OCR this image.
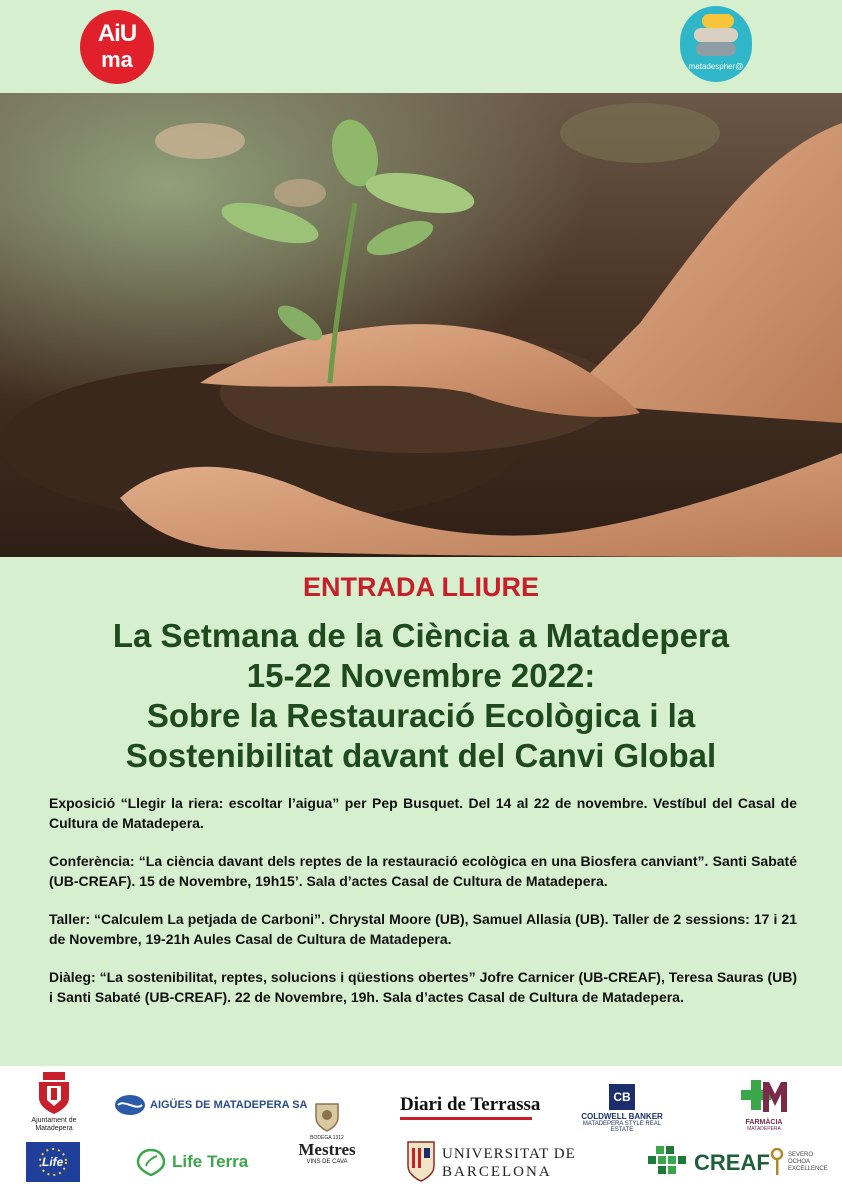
AiU
ma	matadespher@
ENTRADA LLIURE
La Setmana de la Ciència a Matadepera
15-22 Novembre 2022:
Sobre la Restauració Ecològica i la
Sostenibilitat davant del Canvi Global

Exposició “Llegir la riera: escoltar l’aigua” per Pep Busquet. Del 14 al 22 de novembre. Vestíbul del Casal de Cultura de Matadepera.

Conferència: “La ciència davant dels reptes de la restauració ecològica en una Biosfera canviant”. Santi Sabaté (UB-CREAF). 15 de Novembre, 19h15’. Sala d’actes Casal de Cultura de Matadepera.

Taller: “Calculem La petjada de Carboni”. Chrystal Moore (UB), Samuel Allasia (UB). Taller de 2 sessions: 17 i 21 de Novembre, 19-21h Aules Casal de Cultura de Matadepera.

Diàleg: “La sostenibilitat, reptes, solucions i qüestions obertes” Jofre Carnicer (UB-CREAF), Teresa Sauras (UB) i Santi Sabaté (UB-CREAF). 22 de Novembre, 19h. Sala d’actes Casal de Cultura de Matadepera.

Ajuntament de Matadepera
AIGÜES DE MATADEPERA SA	Diari de Terrassa	CB
COLDWELL BANKER
MATADEPERA STYLE REAL ESTATE
FARMÀCIA
MATADEPERA
Life	Life Terra
BODEGA 1312
Mestres
VINS DE CAVA	UNIVERSITAT DE
BARCELONA	CREAF	SEVERO OCHOA EXCELLENCE
